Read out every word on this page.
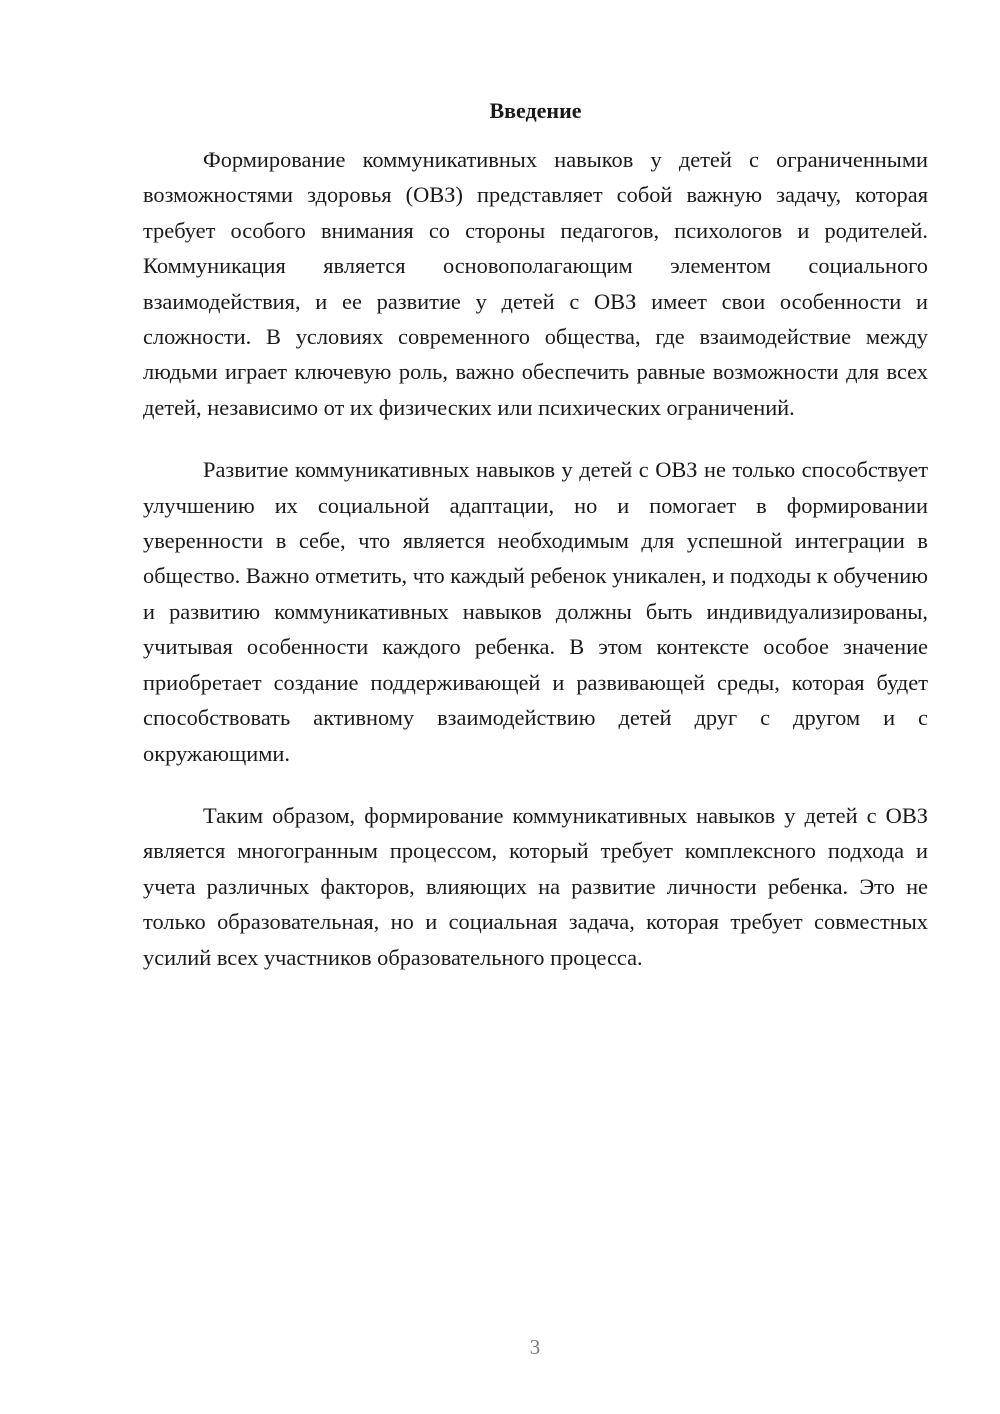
Введение

Формирование коммуникативных навыков у детей с ограниченными возможностями здоровья (ОВЗ) представляет собой важную задачу, которая требует особого внимания со стороны педагогов, психологов и родителей. Коммуникация является основополагающим элементом социального взаимодействия, и ее развитие у детей с ОВЗ имеет свои особенности и сложности. В условиях современного общества, где взаимодействие между людьми играет ключевую роль, важно обеспечить равные возможности для всех детей, независимо от их физических или психических ограничений.

Развитие коммуникативных навыков у детей с ОВЗ не только способствует улучшению их социальной адаптации, но и помогает в формировании уверенности в себе, что является необходимым для успешной интеграции в общество. Важно отметить, что каждый ребенок уникален, и подходы к обучению и развитию коммуникативных навыков должны быть индивидуализированы, учитывая особенности каждого ребенка. В этом контексте особое значение приобретает создание поддерживающей и развивающей среды, которая будет способствовать активному взаимодействию детей друг с другом и с окружающими.

Таким образом, формирование коммуникативных навыков у детей с ОВЗ является многогранным процессом, который требует комплексного подхода и учета различных факторов, влияющих на развитие личности ребенка. Это не только образовательная, но и социальная задача, которая требует совместных усилий всех участников образовательного процесса.

3
